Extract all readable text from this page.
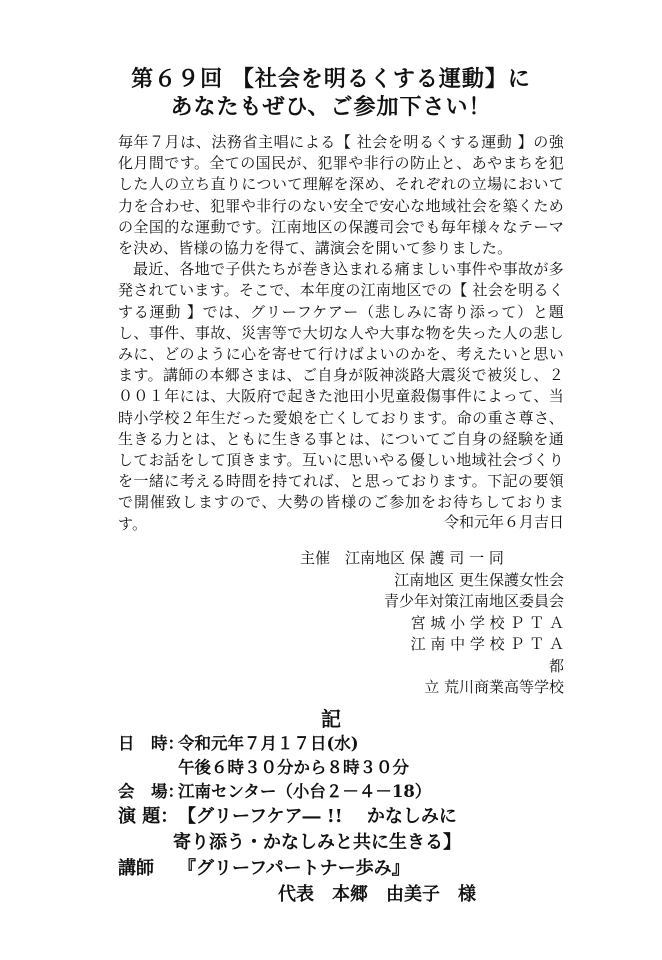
第６９回 【社会を明るくする運動】に
あなたもぜひ、ご参加下さい！

毎年７月は、法務省主唱による【 社会を明るくする運動 】の強化月間です。全ての国民が、犯罪や非行の防止と、あやまちを犯した人の立ち直りについて理解を深め、それぞれの立場において力を合わせ、犯罪や非行のない安全で安心な地域社会を築くための全国的な運動です。江南地区の保護司会でも毎年様々なテーマを決め、皆様の協力を得て、講演会を開いて参りました。

最近、各地で子供たちが巻き込まれる痛ましい事件や事故が多発されています。そこで、本年度の江南地区での【 社会を明るくする運動 】では、グリーフケアー（悲しみに寄り添って）と題し、事件、事故、災害等で大切な人や大事な物を失った人の悲しみに、どのように心を寄せて行けばよいのかを、考えたいと思います。講師の本郷さまは、ご自身が阪神淡路大震災で被災し、２００１年には、大阪府で起きた池田小児童殺傷事件によって、当時小学校２年生だった愛娘を亡くしております。命の重さ尊さ、生きる力とは、ともに生きる事とは、についてご自身の経験を通してお話をして頂きます。互いに思いやる優しい地域社会づくりを一緒に考える時間を持てれば、と思っております。下記の要領で開催致しますので、大勢の皆様のご参加をお待ちしております。	令和元年６月吉日
主催　江南地区 保 護 司 一 同
江南地区 更生保護女性会
青少年対策江南地区委員会
宮 城 小 学 校 Ｐ Ｔ Ａ
江 南 中 学 校 Ｐ Ｔ Ａ
都
立 荒川商業高等学校
記
日　時：令和元年７月１７日(水)
午後６時３０分から８時３０分
会　場：江南センター（小台２－４－18）
演 題：【グリーフケア― !!　 かなしみに
寄り添う・かなしみと共に生きる】
講師 『グリーフパートナー歩み』
代表　本郷　由美子　様
